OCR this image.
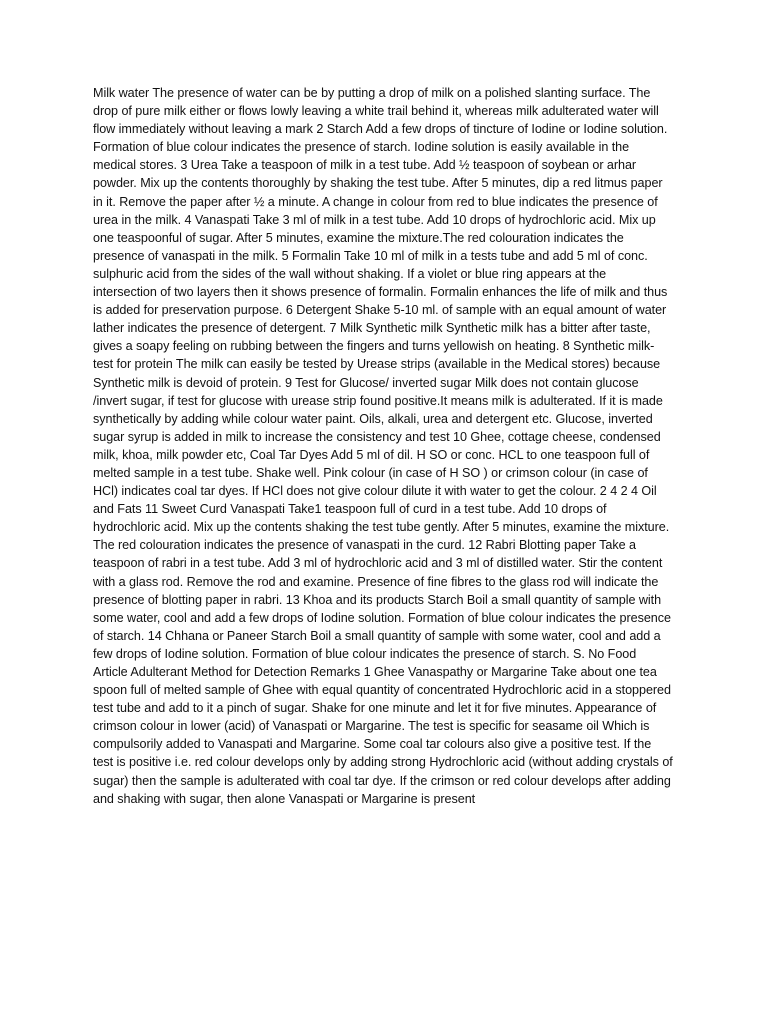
Milk water The presence of water can be by putting a drop of milk on a polished slanting surface. The drop of pure milk either or flows lowly leaving a white trail behind it, whereas milk adulterated water will flow immediately without leaving a mark 2 Starch Add a few drops of tincture of Iodine or Iodine solution. Formation of blue colour indicates the presence of starch. Iodine solution is easily available in the medical stores. 3 Urea Take a teaspoon of milk in a test tube. Add ½ teaspoon of soybean or arhar powder. Mix up the contents thoroughly by shaking the test tube. After 5 minutes, dip a red litmus paper in it. Remove the paper after ½ a minute. A change in colour from red to blue indicates the presence of urea in the milk. 4 Vanaspati Take 3 ml of milk in a test tube. Add 10 drops of hydrochloric acid. Mix up one teaspoonful of sugar. After 5 minutes, examine the mixture.The red colouration indicates the presence of vanaspati in the milk. 5 Formalin Take 10 ml of milk in a tests tube and add 5 ml of conc. sulphuric acid from the sides of the wall without shaking. If a violet or blue ring appears at the intersection of two layers then it shows presence of formalin. Formalin enhances the life of milk and thus is added for preservation purpose. 6 Detergent Shake 5-10 ml. of sample with an equal amount of water lather indicates the presence of detergent. 7 Milk Synthetic milk Synthetic milk has a bitter after taste, gives a soapy feeling on rubbing between the fingers and turns yellowish on heating. 8 Synthetic milk-test for protein The milk can easily be tested by Urease strips (available in the Medical stores) because Synthetic milk is devoid of protein. 9 Test for Glucose/ inverted sugar Milk does not contain glucose /invert sugar, if test for glucose with urease strip found positive.It means milk is adulterated. If it is made synthetically by adding while colour water paint. Oils, alkali, urea and detergent etc. Glucose, inverted sugar syrup is added in milk to increase the consistency and test 10 Ghee, cottage cheese, condensed milk, khoa, milk powder etc, Coal Tar Dyes Add 5 ml of dil. H SO or conc. HCL to one teaspoon full of melted sample in a test tube. Shake well. Pink colour (in case of H SO ) or crimson colour (in case of HCl) indicates coal tar dyes. If HCl does not give colour dilute it with water to get the colour. 2 4 2 4 Oil and Fats 11 Sweet Curd Vanaspati Take1 teaspoon full of curd in a test tube. Add 10 drops of hydrochloric acid. Mix up the contents shaking the test tube gently. After 5 minutes, examine the mixture. The red colouration indicates the presence of vanaspati in the curd. 12 Rabri Blotting paper Take a teaspoon of rabri in a test tube. Add 3 ml of hydrochloric acid and 3 ml of distilled water. Stir the content with a glass rod. Remove the rod and examine. Presence of fine fibres to the glass rod will indicate the presence of blotting paper in rabri. 13 Khoa and its products Starch Boil a small quantity of sample with some water, cool and add a few drops of Iodine solution. Formation of blue colour indicates the presence of starch. 14 Chhana or Paneer Starch Boil a small quantity of sample with some water, cool and add a few drops of Iodine solution. Formation of blue colour indicates the presence of starch. S. No Food Article Adulterant Method for Detection Remarks 1 Ghee Vanaspathy or Margarine Take about one tea spoon full of melted sample of Ghee with equal quantity of concentrated Hydrochloric acid in a stoppered test tube and add to it a pinch of sugar. Shake for one minute and let it for five minutes. Appearance of crimson colour in lower (acid) of Vanaspati or Margarine. The test is specific for seasame oil Which is compulsorily added to Vanaspati and Margarine. Some coal tar colours also give a positive test. If the test is positive i.e. red colour develops only by adding strong Hydrochloric acid (without adding crystals of sugar) then the sample is adulterated with coal tar dye. If the crimson or red colour develops after adding and shaking with sugar, then alone Vanaspati or Margarine is present
